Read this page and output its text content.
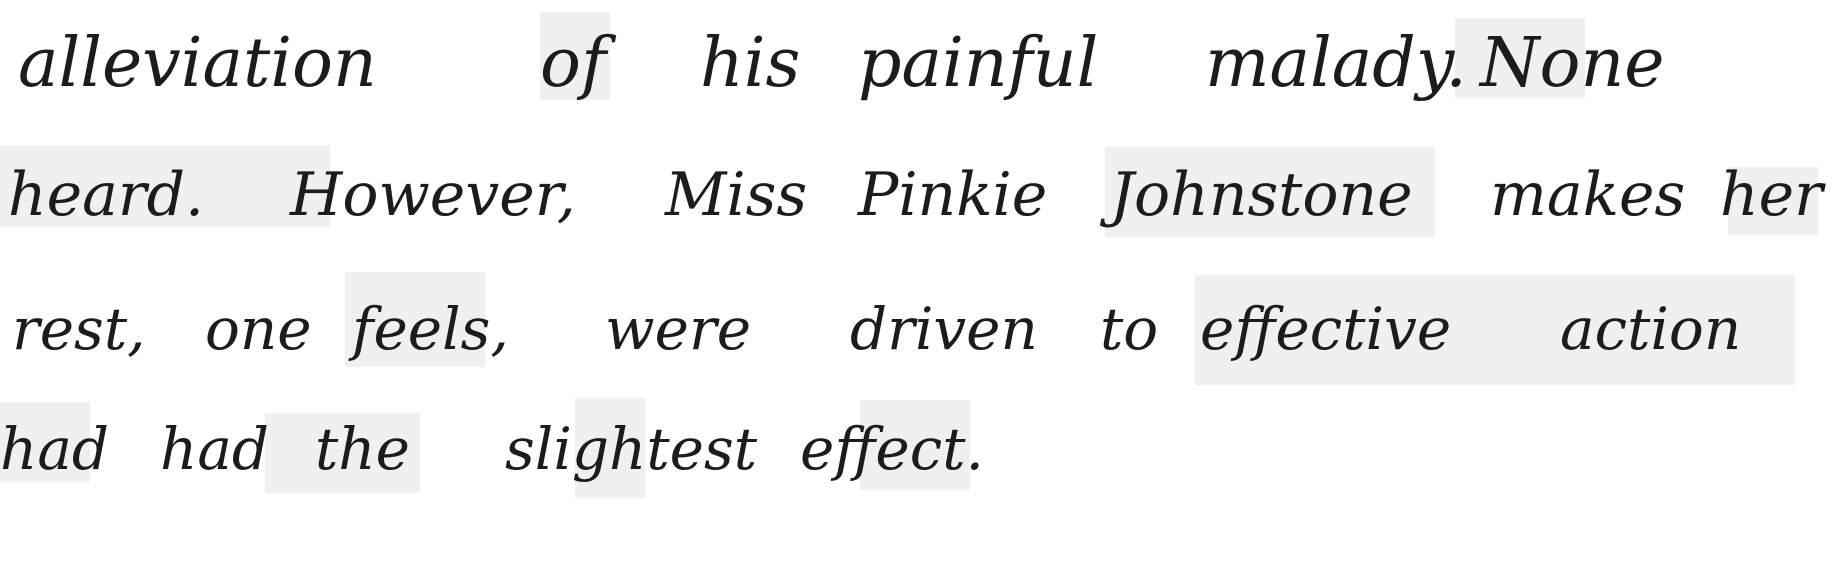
alleviation of his painful malady. None
heard. However, Miss Pinkie Johnstone makes her
rest, one feels, were driven to effective action
had had the slightest effect.
